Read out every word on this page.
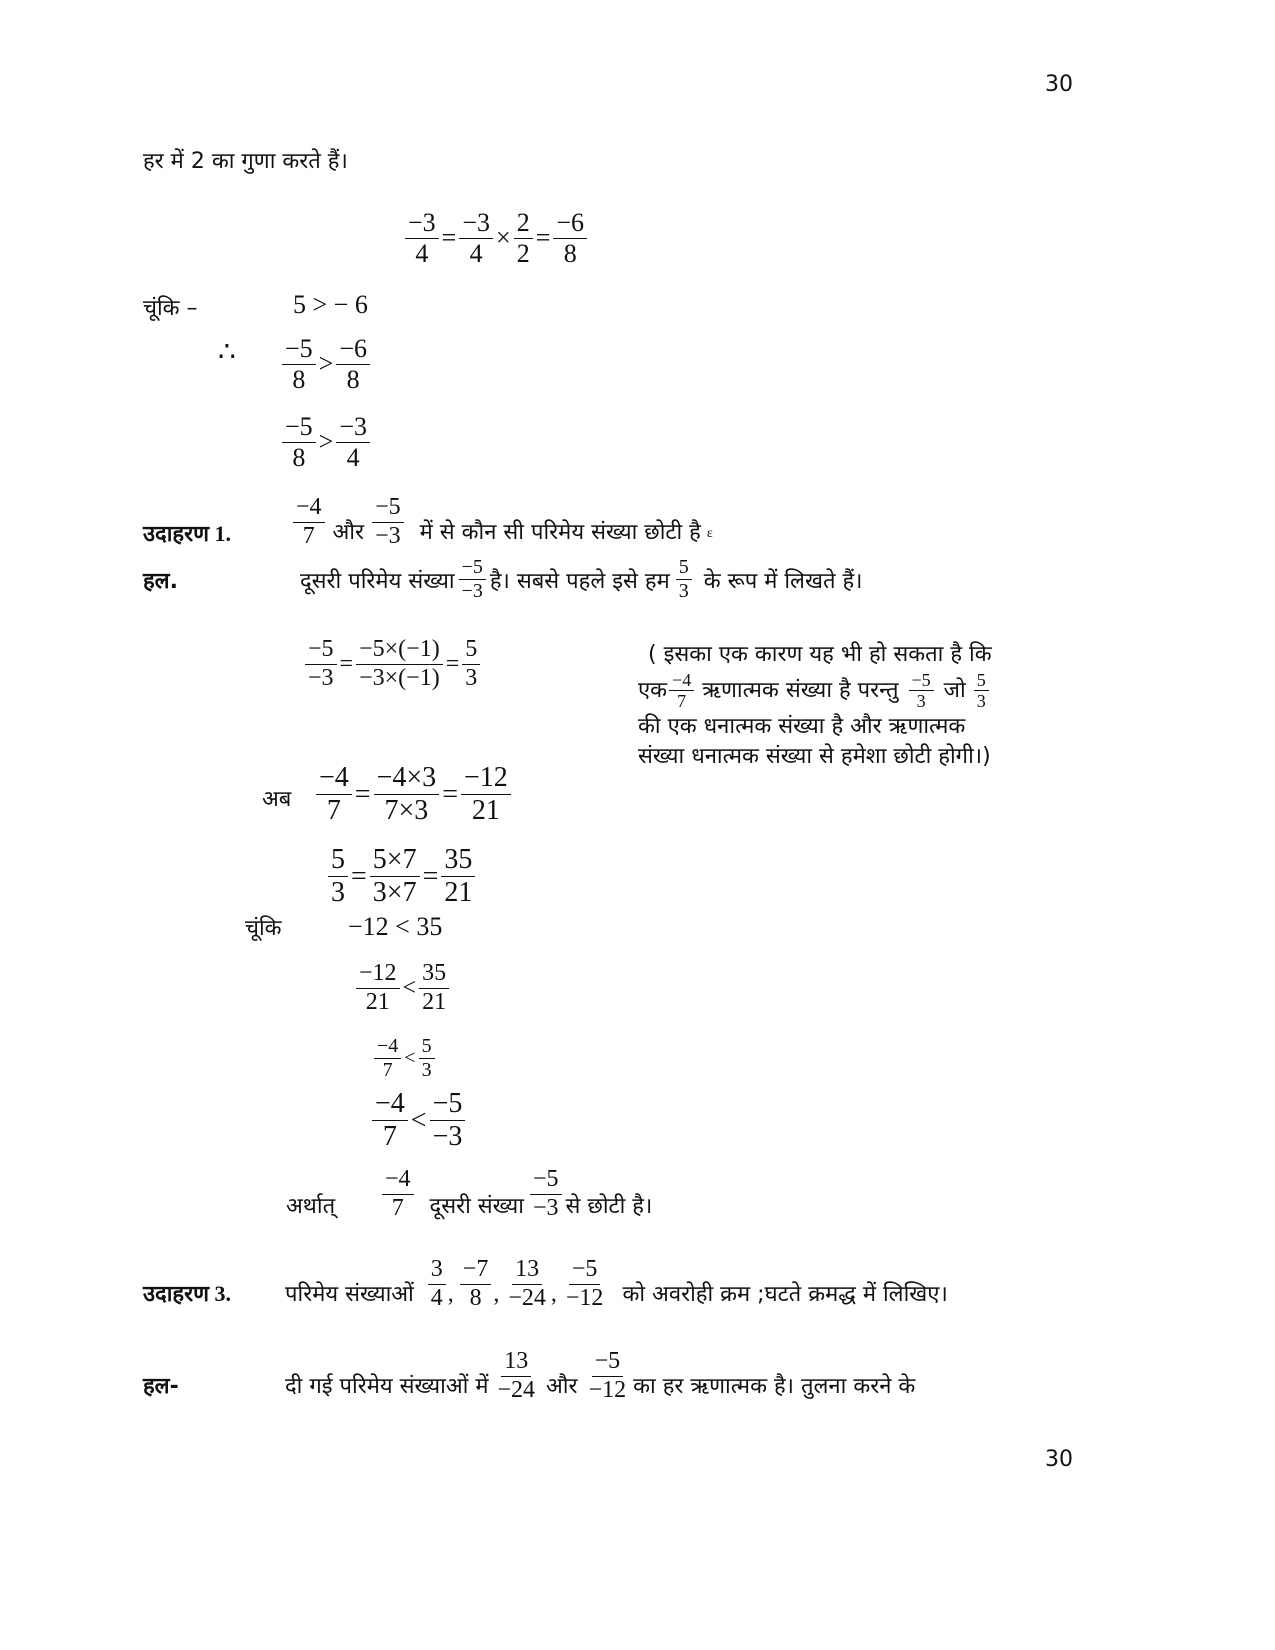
30
30
हर में 2 का गुणा करते हैं।
$\frac{-3}{4} = \frac{-3}{4} \times \frac{2}{2} = \frac{-6}{8}$
चूंकि –	5 > − 6
∴ $\frac{-5}{8} > \frac{-6}{8}$
$\frac{-5}{8} > \frac{-3}{4}$
उदाहरण 1.	$\frac{-4}{7}$ और $\frac{-5}{-3}$ में से कौन सी परिमेय संख्या छोटी है ε
हल.	दूसरी परिमेय संख्या $\frac{-5}{-3}$ है। सबसे पहले इसे हम $\frac{5}{3}$ के रूप में लिखते हैं।
$\frac{-5}{-3} = \frac{-5\times(-1)}{-3\times(-1)} = \frac{5}{3}$	( इसका एक कारण यह भी हो सकता है कि
एक $\frac{-4}{7}$ ऋणात्मक संख्या है परन्तु $\frac{-5}{3}$ जो $\frac{5}{3}$
की एक धनात्मक संख्या है और ऋणात्मक
संख्या धनात्मक संख्या से हमेशा छोटी होगी।)
अब $\frac{-4}{7} = \frac{-4\times 3}{7\times 3} = \frac{-12}{21}$
$\frac{5}{3} = \frac{5\times 7}{3\times 7} = \frac{35}{21}$
चूंकि	−12 < 35
$\frac{-12}{21} < \frac{35}{21}$
$\frac{-4}{7} < \frac{5}{3}$
$\frac{-4}{7} < \frac{-5}{-3}$
अर्थात्	$\frac{-4}{7}$ दूसरी संख्या $\frac{-5}{-3}$ से छोटी है।
उदाहरण 3.	परिमेय संख्याओं $\frac{3}{4}$ , $\frac{-7}{8}$ , $\frac{13}{-24}$ , $\frac{-5}{-12}$ को अवरोही क्रम ;घटते क्रमद्ध में लिखिए।
हल-	दी गई परिमेय संख्याओं में $\frac{13}{-24}$ और $\frac{-5}{-12}$ का हर ऋणात्मक है। तुलना करने के
